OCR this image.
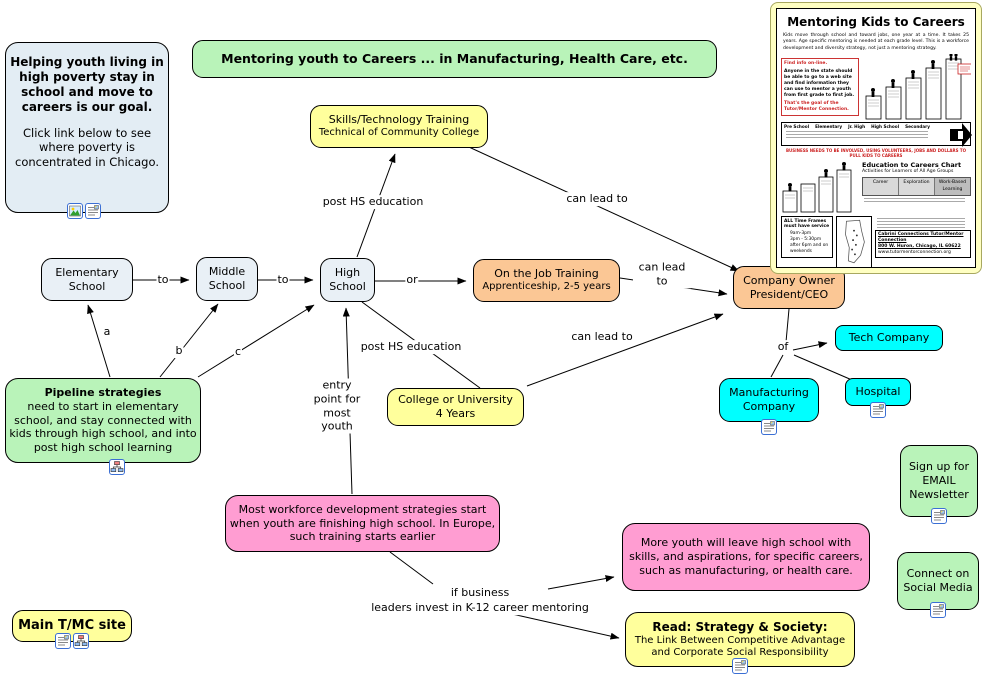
to	to	or
can lead to
post HS education	can lead to
post HS education
can lead to
of
a
b	c
entry point for most youth
if business
leaders invest in K-12 career mentoring
Helping youth living in high poverty stay in school and move to careers is our goal.
Click link below to see where poverty is concentrated in Chicago.
Mentoring youth to Careers ... in Manufacturing, Health Care, etc.
Skills/Technology Training
Technical of Community College
Elementary School
Middle School
High School
On the Job Training
Apprenticeship, 2-5 years	Company Owner
President/CEO
Tech Company
Manufacturing Company
Hospital
College or University
4 Years
Pipeline strategies
need to start in elementary school, and stay connected with kids through high school, and into post high school learning
Most workforce development strategies start when youth are finishing high school. In Europe, such training starts earlier	More youth will leave high school with skills, and aspirations, for specific careers, such as manufacturing, or health care.
Read: Strategy & Society:
The Link Between Competitive Advantage and Corporate Social Responsibility
Sign up for EMAIL Newsletter
Connect on Social Media
Main T/MC site
Mentoring Kids to Careers
Kids move through school and toward jobs, one year at a time. It takes 25 years. Age specific mentoring is needed at each grade level. This is a workforce development and diversity strategy, not just a mentoring strategy.
Find info on-line.
Anyone in the state should be able to go to a web site and find information they can use to mentor a youth from first grade to first job.
That's the goal of the Tutor/Mentor Connection.
Pre School Elementary Jr. High High School Secondary
BUSINESS NEEDS TO BE INVOLVED, USING VOLUNTEERS, JOBS AND DOLLARS TO PULL KIDS TO CAREERS
Education to Careers Chart
Activities for Learners of All Age Groups
Career	Exploration	Work-Based Learning
ALL Time Frames must have service
• 9am-3pm
• 3pm - 5:30pm
• after 6pm and on weekends
Cabrini Connections Tutor/Mentor Connection
800 W. Huron, Chicago, IL 60622
www.tutormentorconnection.org
